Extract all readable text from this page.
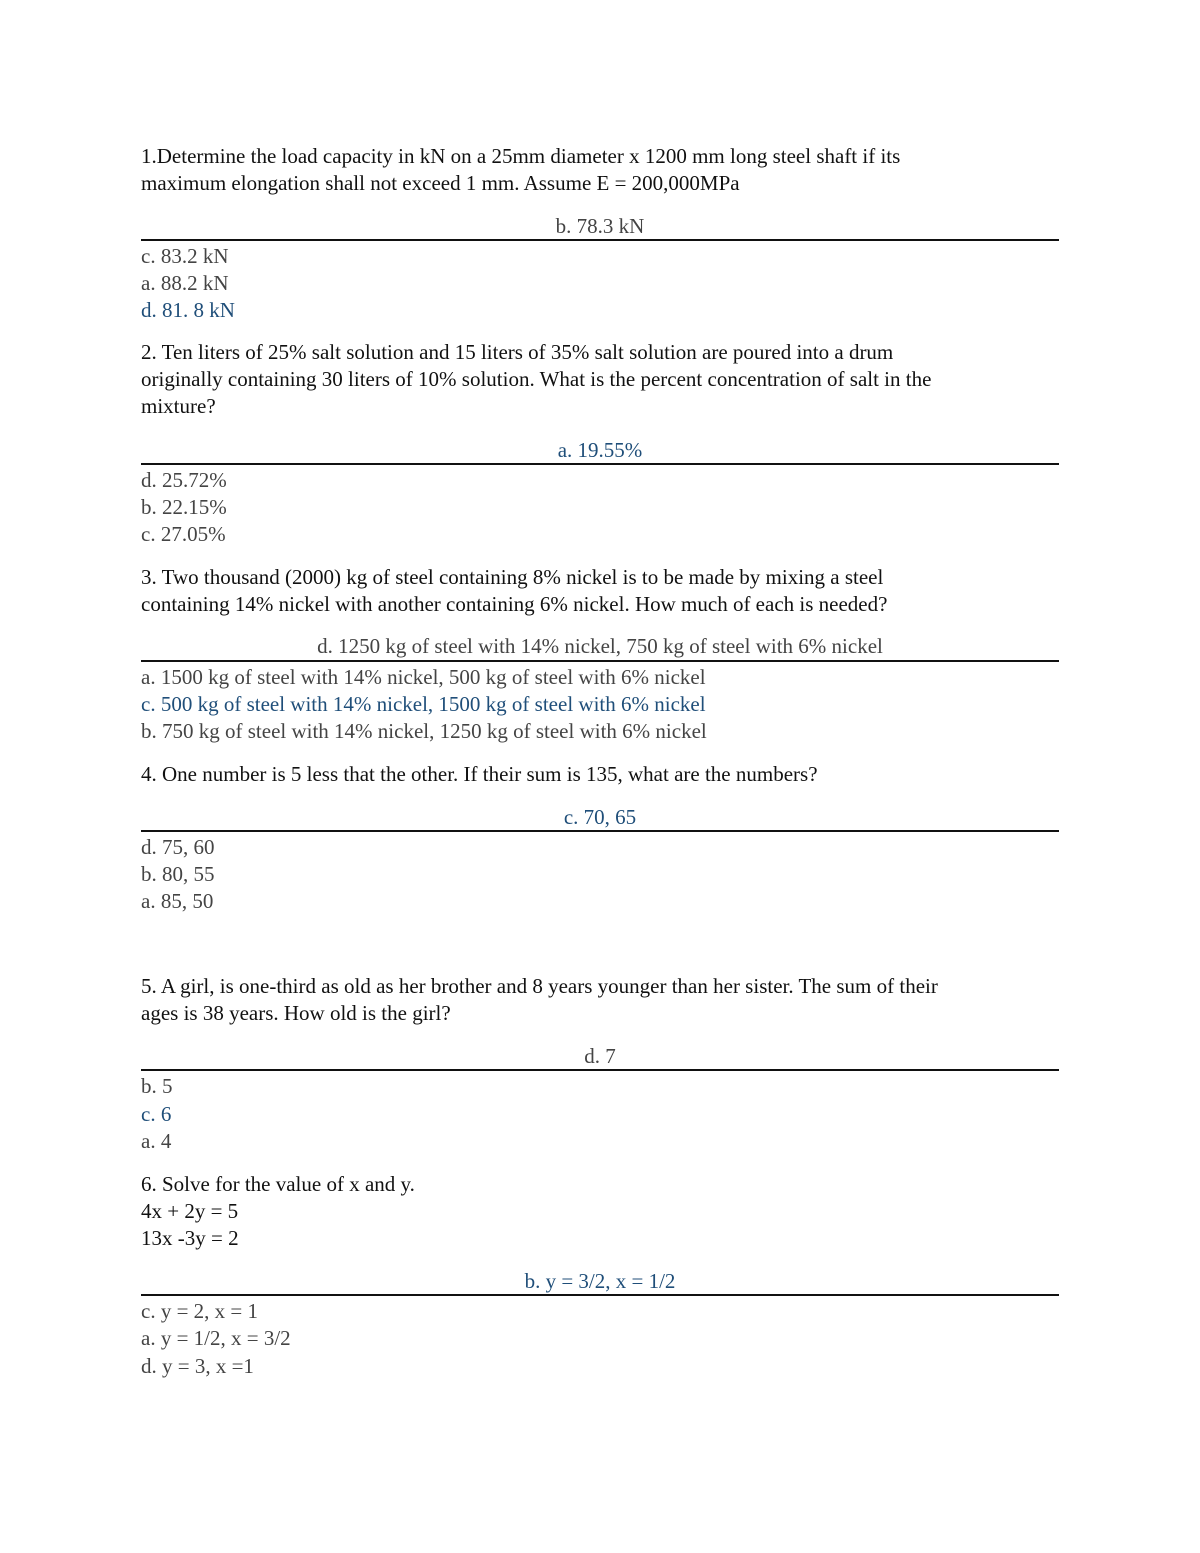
1.Determine the load capacity in kN on a 25mm diameter x 1200 mm long steel shaft if its
maximum elongation shall not exceed 1 mm. Assume E = 200,000MPa
b. 78.3 kN
c. 83.2 kN
a. 88.2 kN
d. 81. 8 kN
2. Ten liters of 25% salt solution and 15 liters of 35% salt solution are poured into a drum
originally containing 30 liters of 10% solution. What is the percent concentration of salt in the
mixture?
a. 19.55%
d. 25.72%
b. 22.15%
c. 27.05%
3. Two thousand (2000) kg of steel containing 8% nickel is to be made by mixing a steel
containing 14% nickel with another containing 6% nickel. How much of each is needed?
d. 1250 kg of steel with 14% nickel, 750 kg of steel with 6% nickel
a. 1500 kg of steel with 14% nickel, 500 kg of steel with 6% nickel
c. 500 kg of steel with 14% nickel, 1500 kg of steel with 6% nickel
b. 750 kg of steel with 14% nickel, 1250 kg of steel with 6% nickel
4. One number is 5 less that the other. If their sum is 135, what are the numbers?
c. 70, 65
d. 75, 60
b. 80, 55
a. 85, 50
5. A girl, is one-third as old as her brother and 8 years younger than her sister. The sum of their
ages is 38 years. How old is the girl?
d. 7
b. 5
c. 6
a. 4
6. Solve for the value of x and y.
4x + 2y = 5
13x -3y = 2
b. y = 3/2, x = 1/2
c. y = 2, x = 1
a. y = 1/2, x = 3/2
d. y = 3, x =1
